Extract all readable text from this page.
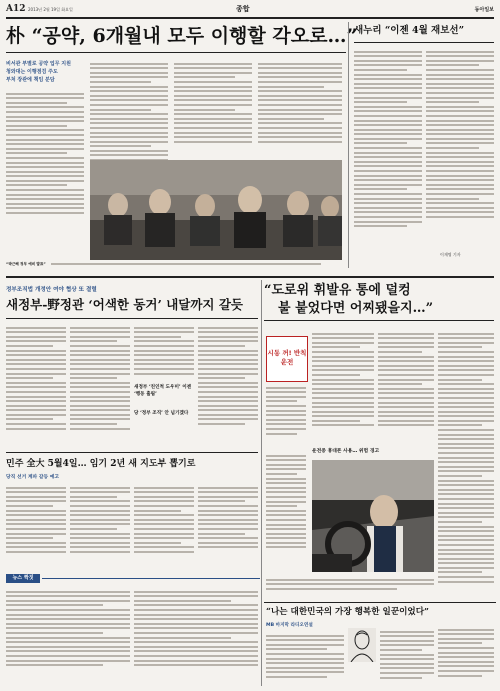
A12 2013년 2월 19일 화요일	종합	동아일보
朴 “공약, 6개월내 모두 이행할 각오로…”
비서관 부별로 공약 업무 지원
청와대는 이행점검 주도
부처 장관에 책임 분담
“박근혜 정부 예비 발표”
새누리 “이젠 4월 재보선”
이재명 기자
“도로위 휘발유 통에 덜컹
불 붙었다면 어찌됐을지…”
시동 꺼! 반칙운전
운전중 휴대폰 사용… 위험 경고
정부조직법 개정안 여야 협상 또 결렬
새정부-野정관 ‘어색한 동거’ 내달까지 갈듯
새정부 ‘친인척 도우미’ 이젠 ‘행동 흘림’
당 ‘정부 조직’ 안 넘기겠다
민주 全大 5월4일… 임기 2년 새 지도부 뽑기로
당직 선거 계파 갈등 예고
뉴스 짝짓
“나는 대한민국의 가장 행복한 일꾼이었다”
MB 마지막 라디오연설
